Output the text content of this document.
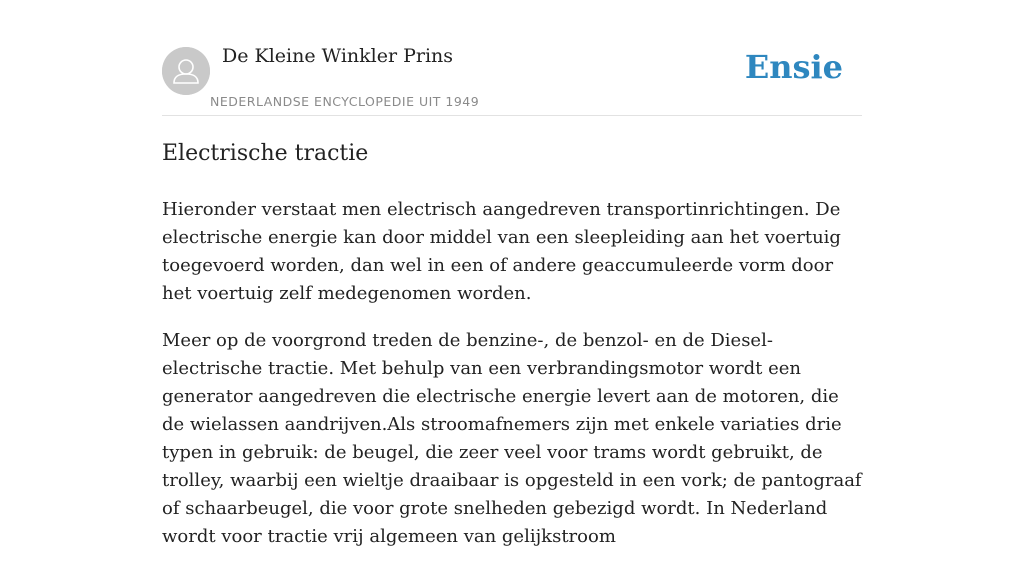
De Kleine Winkler Prins
NEDERLANDSE ENCYCLOPEDIE UIT 1949
Ensie
Electrische tractie

Hieronder verstaat men electrisch aangedreven transportinrichtingen. De electrische energie kan door middel van een sleepleiding aan het voertuig toegevoerd worden, dan wel in een of andere geaccumuleerde vorm door het voertuig zelf medegenomen worden.

Meer op de voorgrond treden de benzine-, de benzol- en de Diesel-electrische tractie. Met behulp van een verbrandingsmotor wordt een generator aangedreven die electrische energie levert aan de motoren, die de wielassen aandrijven.Als stroomafnemers zijn met enkele variaties drie typen in gebruik: de beugel, die zeer veel voor trams wordt gebruikt, de trolley, waarbij een wieltje draaibaar is opgesteld in een vork; de pantograaf of schaarbeugel, die voor grote snelheden gebezigd wordt. In Nederland wordt voor tractie vrij algemeen van gelijkstroom
